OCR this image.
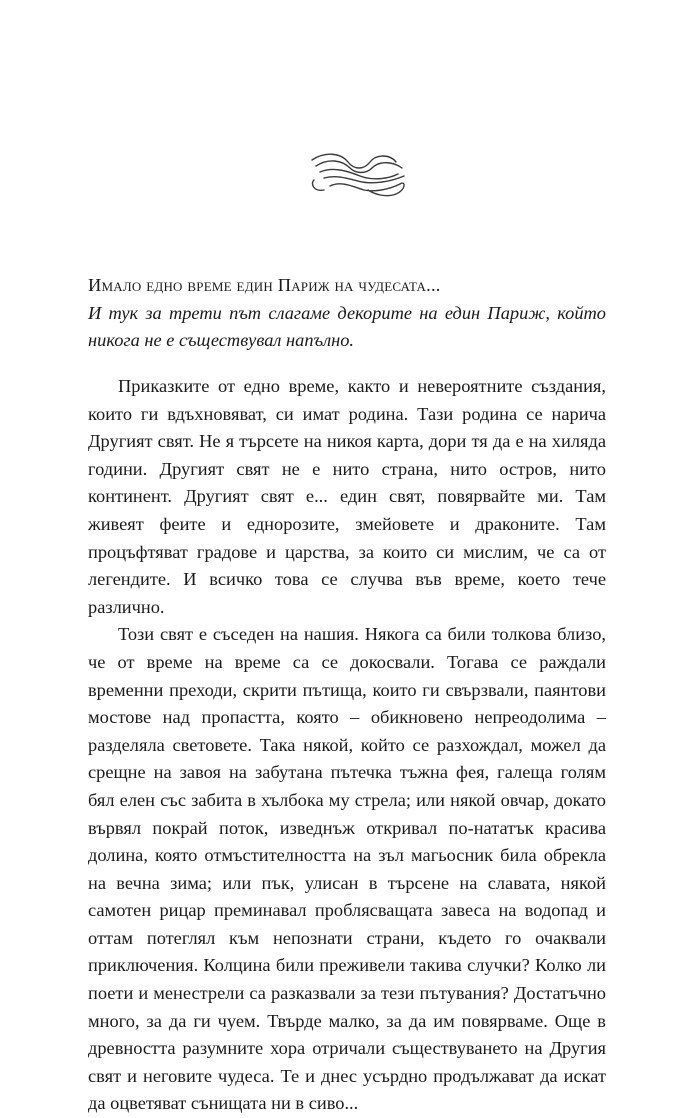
Имало едно време един Париж на чудесата...
И тук за трети път слагаме декорите на един Париж, който никога не е съществувал напълно.

Приказките от едно време, както и невероятните създания, които ги вдъхновяват, си имат родина. Тази родина се нарича Другият свят. Не я търсете на никоя карта, дори тя да е на хиляда години. Другият свят не е нито страна, нито остров, нито континент. Другият свят е... един свят, повярвайте ми. Там живеят феите и еднорозите, змейовете и драконите. Там процъфтяват градове и царства, за които си мислим, че са от легендите. И всичко това се случва във време, което тече различно.

Този свят е съседен на нашия. Някога са били толкова близо, че от време на време са се докосвали. Тогава се раждали временни преходи, скрити пътища, които ги свързвали, паянтови мостове над пропастта, която – обикновено непреодолима – разделяла световете. Така някой, който се разхождал, можел да срещне на завоя на забутана пътечка тъжна фея, галеща голям бял елен със забита в хълбока му стрела; или някой овчар, докато вървял покрай поток, изведнъж откривал по-нататък красива долина, която отмъстителността на зъл магьосник била обрекла на вечна зима; или пък, улисан в търсене на славата, някой самотен рицар преминавал проблясващата завеса на водопад и оттам потеглял към непознати страни, където го очаквали приключения. Колцина били преживели такива случки? Колко ли поети и менестрели са разказвали за тези пътувания? Достатъчно много, за да ги чуем. Твърде малко, за да им повярваме. Още в древността разумните хора отричали съществуването на Другия свят и неговите чудеса. Те и днес усърдно продължават да искат да оцветяват сънищата ни в сиво...
